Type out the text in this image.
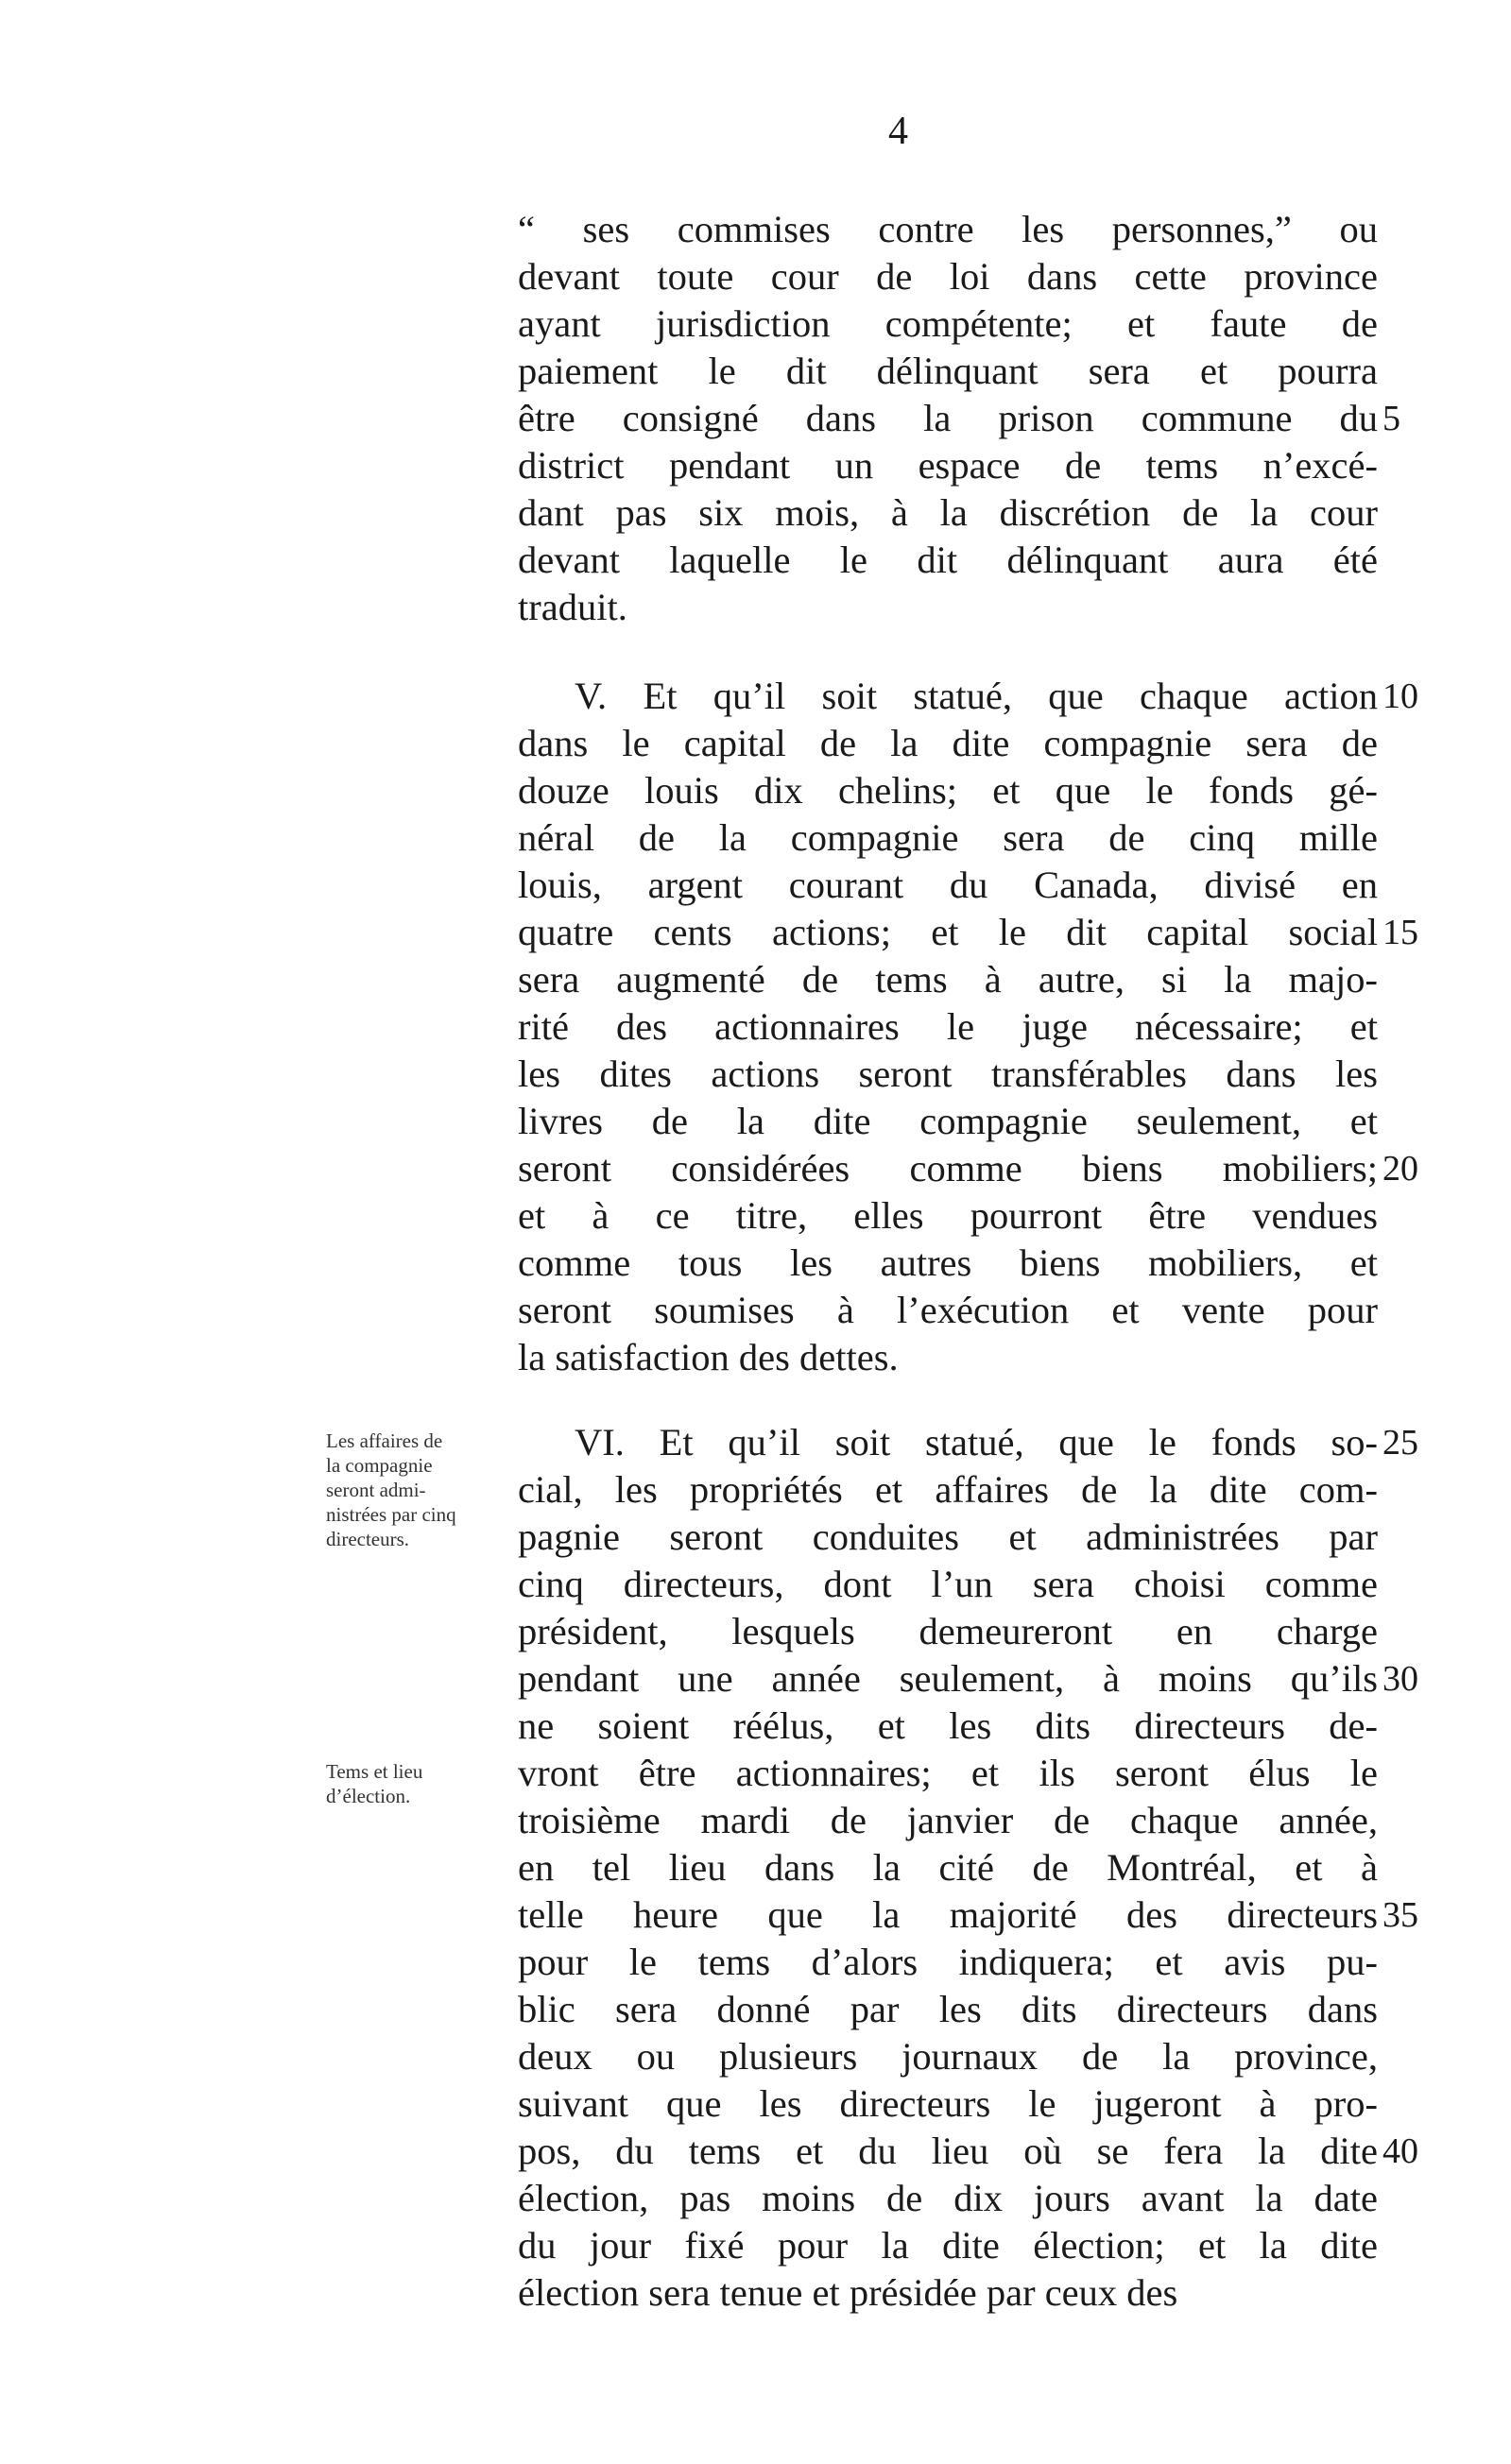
4
“ ses commises contre les personnes,” ou
devant toute cour de loi dans cette province
ayant jurisdiction compétente; et faute de
paiement le dit délinquant sera et pourra
être consigné dans la prison commune du 5
district pendant un espace de tems n’excé-
dant pas six mois, à la discrétion de la cour
devant laquelle le dit délinquant aura été
traduit.
V. Et qu’il soit statué, que chaque action 10
dans le capital de la dite compagnie sera de
douze louis dix chelins; et que le fonds gé-
néral de la compagnie sera de cinq mille
louis, argent courant du Canada, divisé en
quatre cents actions; et le dit capital social 15
sera augmenté de tems à autre, si la majo-
rité des actionnaires le juge nécessaire; et
les dites actions seront transférables dans les
livres de la dite compagnie seulement, et
seront considérées comme biens mobiliers; 20
et à ce titre, elles pourront être vendues
comme tous les autres biens mobiliers, et
seront soumises à l’exécution et vente pour
la satisfaction des dettes.
VI. Et qu’il soit statué, que le fonds so- 25
cial, les propriétés et affaires de la dite com-
pagnie seront conduites et administrées par
cinq directeurs, dont l’un sera choisi comme
président, lesquels demeureront en charge
pendant une année seulement, à moins qu’ils 30
ne soient réélus, et les dits directeurs de-
vront être actionnaires; et ils seront élus le
troisième mardi de janvier de chaque année,
en tel lieu dans la cité de Montréal, et à
telle heure que la majorité des directeurs 35
pour le tems d’alors indiquera; et avis pu-
blic sera donné par les dits directeurs dans
deux ou plusieurs journaux de la province,
suivant que les directeurs le jugeront à pro-
pos, du tems et du lieu où se fera la dite 40
élection, pas moins de dix jours avant la date
du jour fixé pour la dite élection; et la dite
élection sera tenue et présidée par ceux des
Les affaires de
la compagnie
seront admi-
nistrées par cinq
directeurs.
Tems et lieu
d’élection.
